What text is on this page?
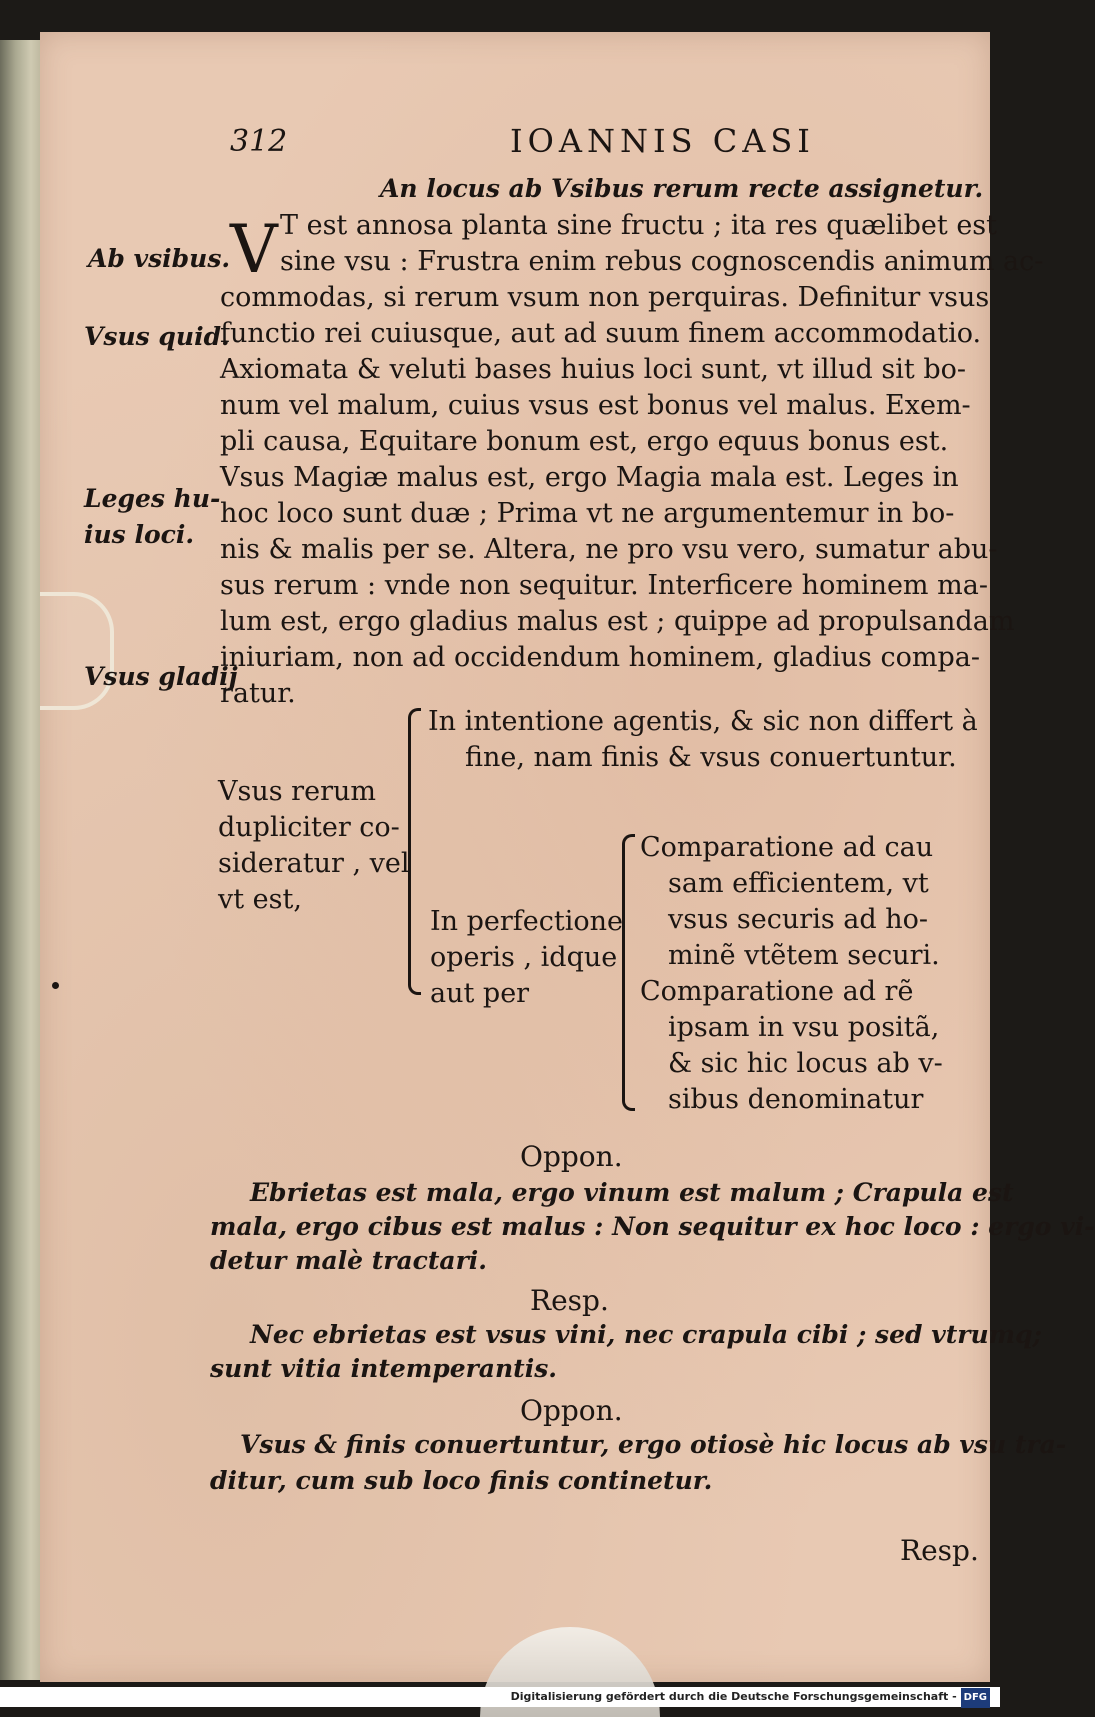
312	IOANNIS CASI
An locus ab Vsibus rerum recte assignetur.
Ab vsibus.
Vsus quid.
Leges hu-
ius loci.
Vsus gladij
V T est annosa planta sine fructu ; ita res quælibet est
sine vsu : Frustra enim rebus cognoscendis animum ac-
commodas, si rerum vsum non perquiras. Definitur vsus
functio rei cuiusque, aut ad suum finem accommodatio.
Axiomata & veluti bases huius loci sunt, vt illud sit bo-
num vel malum, cuius vsus est bonus vel malus. Exem-
pli causa, Equitare bonum est, ergo equus bonus est.
Vsus Magiæ malus est, ergo Magia mala est. Leges in
hoc loco sunt duæ ; Prima vt ne argumentemur in bo-
nis & malis per se. Altera, ne pro vsu vero, sumatur abu-
sus rerum : vnde non sequitur. Interficere hominem ma-
lum est, ergo gladius malus est ; quippe ad propulsandam
iniuriam, non ad occidendum hominem, gladius compa-
ratur.
Vsus rerum
dupliciter co-
sideratur , vel
vt est,
In intentione agentis, & sic non differt à
fine, nam finis & vsus conuertuntur.
In perfectione
operis , idque
aut per
Comparatione ad cau
sam efficientem, vt
vsus securis ad ho-
minẽ vtẽtem securi.
Comparatione ad rẽ
ipsam in vsu positã,
& sic hic locus ab v-
sibus denominatur
Oppon.
Ebrietas est mala, ergo vinum est malum ; Crapula est
mala, ergo cibus est malus : Non sequitur ex hoc loco : ergo vi-
detur malè tractari.
Resp.
Nec ebrietas est vsus vini, nec crapula cibi ; sed vtrumq;
sunt vitia intemperantis.
Oppon.
Vsus & finis conuertuntur, ergo otiosè hic locus ab vsu tra-
ditur, cum sub loco finis continetur.
Resp.
Digitalisierung gefördert durch die Deutsche Forschungsgemeinschaft - DFG
